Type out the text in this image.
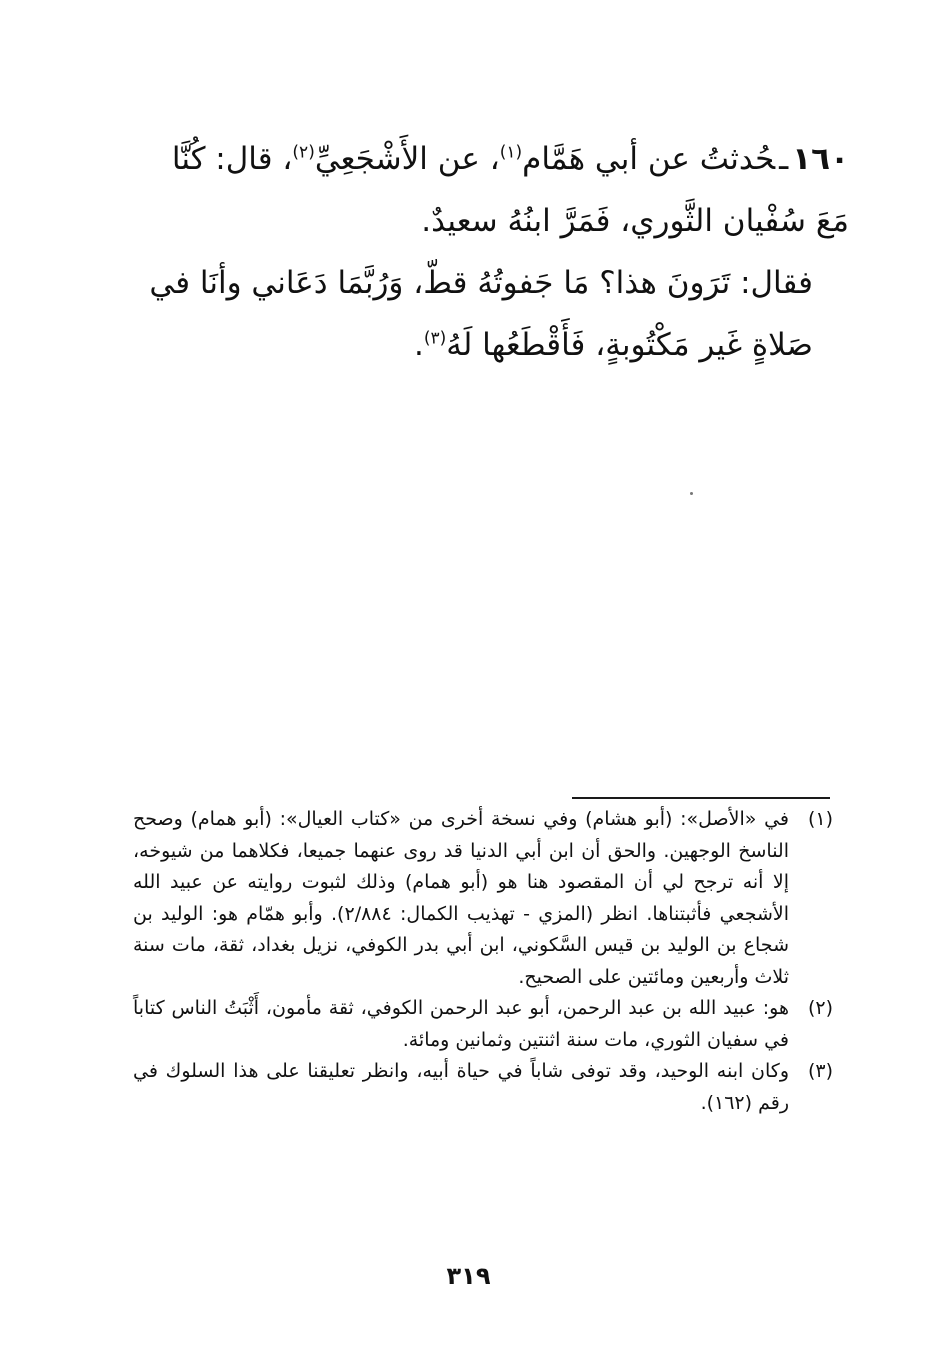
١٦٠ـحُدثتُ عن أبي هَمَّام$^{(١)}$، عن الأَشْجَعِيِّ$^{(٢)}$، قال: كُنَّا مَعَ سُفْيان الثَّوري، فَمَرَّ ابنُهُ سعيدٌ.

فقال: تَرَونَ هذا؟ مَا جَفوتُهُ قطّ، وَرُبَّمَا دَعَاني وأنَا في صَلاةٍ غَير مَكْتُوبةٍ، فَأَقْطَعُها لَهُ$^{(٣)}$.

(١)
في «الأصل»: (أبو هشام) وفي نسخة أخرى من «كتاب العيال»: (أبو همام) وصحح الناسخ الوجهين. والحق أن ابن أبي الدنيا قد روى عنهما جميعا، فكلاهما من شيوخه، إلا أنه ترجح لي أن المقصود هنا هو (أبو همام) وذلك لثبوت روايته عن عبيد الله الأشجعي فأثبتناها. انظر (المزي - تهذيب الكمال: ٢/٨٨٤). وأبو همّام هو: الوليد بن شجاع بن الوليد بن قيس السَّكوني، ابن أبي بدر الكوفي، نزيل بغداد، ثقة، مات سنة ثلاث وأربعين ومائتين على الصحيح.

(٢)
هو: عبيد الله بن عبد الرحمن، أبو عبد الرحمن الكوفي، ثقة مأمون، أَثْبَتُ الناس كتاباً في سفيان الثوري، مات سنة اثنتين وثمانين ومائة.

(٣)
وكان ابنه الوحيد، وقد توفى شاباً في حياة أبيه، وانظر تعليقنا على هذا السلوك في رقم (١٦٢).

٣١٩
